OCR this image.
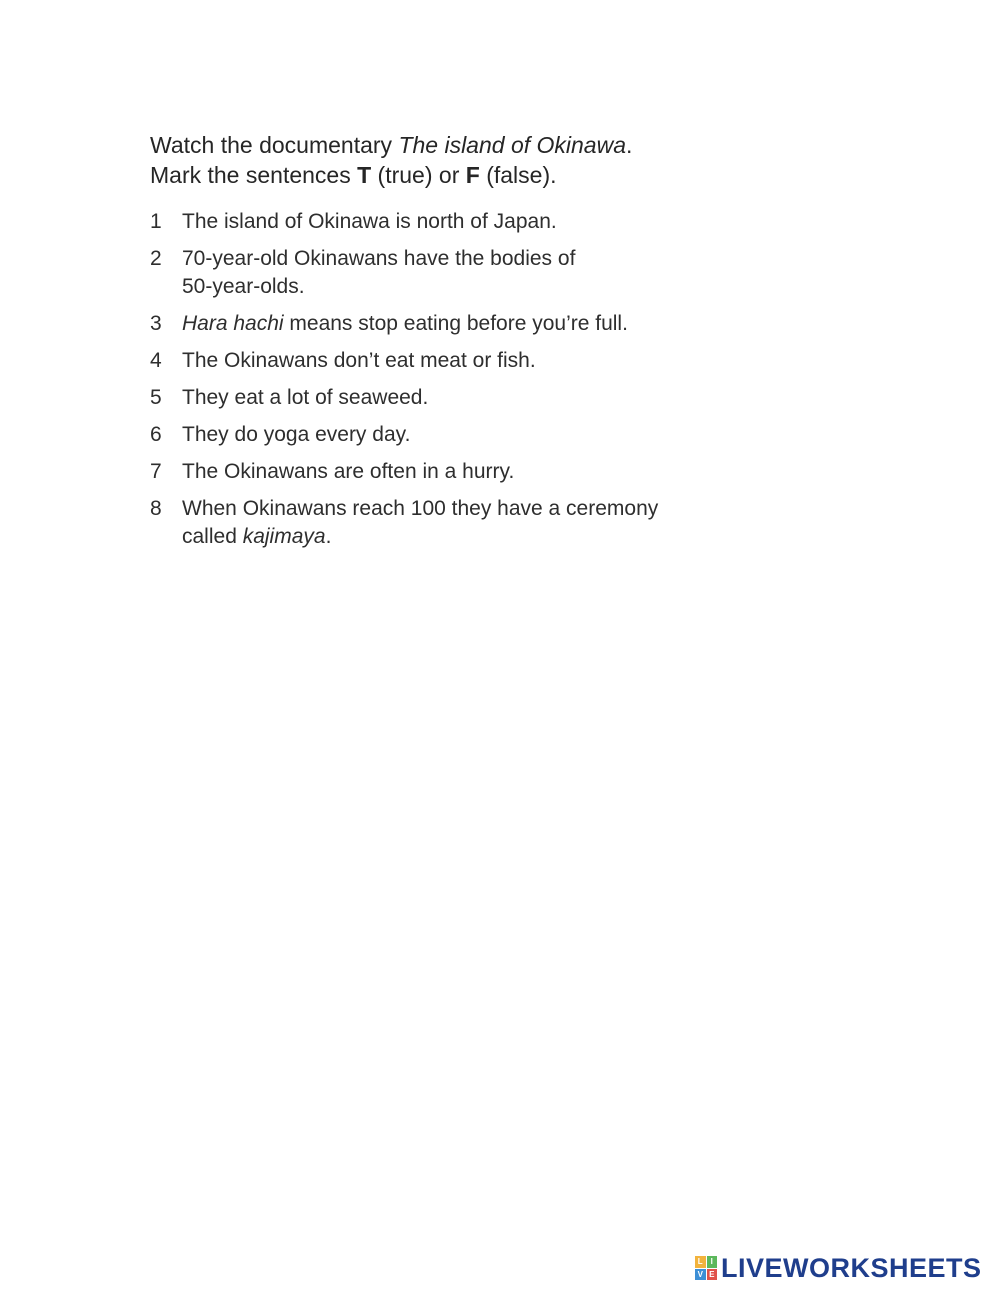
Watch the documentary The island of Okinawa.
Mark the sentences T (true) or F (false).
1 The island of Okinawa is north of Japan.
2 70-year-old Okinawans have the bodies of
50-year-olds.
3 Hara hachi means stop eating before you’re full.
4 The Okinawans don’t eat meat or fish.
5 They eat a lot of seaweed.
6 They do yoga every day.
7 The Okinawans are often in a hurry.
8 When Okinawans reach 100 they have a ceremony
called kajimaya.
L I
V E LIVEWORKSHEETS
